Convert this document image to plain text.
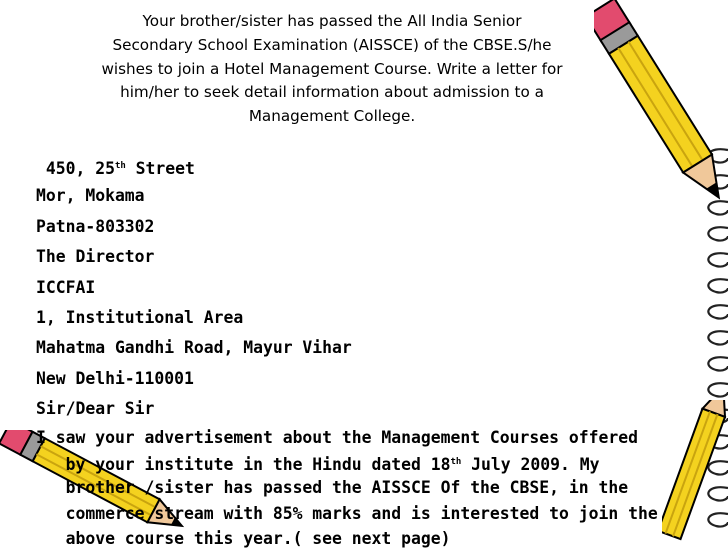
Your brother/sister has passed the All India Senior
Secondary School Examination (AISSCE) of the CBSE.S/he
wishes to join a Hotel Management Course. Write a letter for
him/her to seek detail information about admission to a
Management College.
450, 25th Street
Mor, Mokama
Patna-803302
The Director
ICCFAI
1, Institutional Area
Mahatma Gandhi Road, Mayur Vihar
New Delhi-110001
Sir/Dear Sir
I saw your advertisement about the Management Courses offered
by your institute in the Hindu dated 18th July 2009. My
brother /sister has passed the AISSCE Of the CBSE, in the
commerce stream with 85% marks and is interested to join the
above course this year.( see next page)
